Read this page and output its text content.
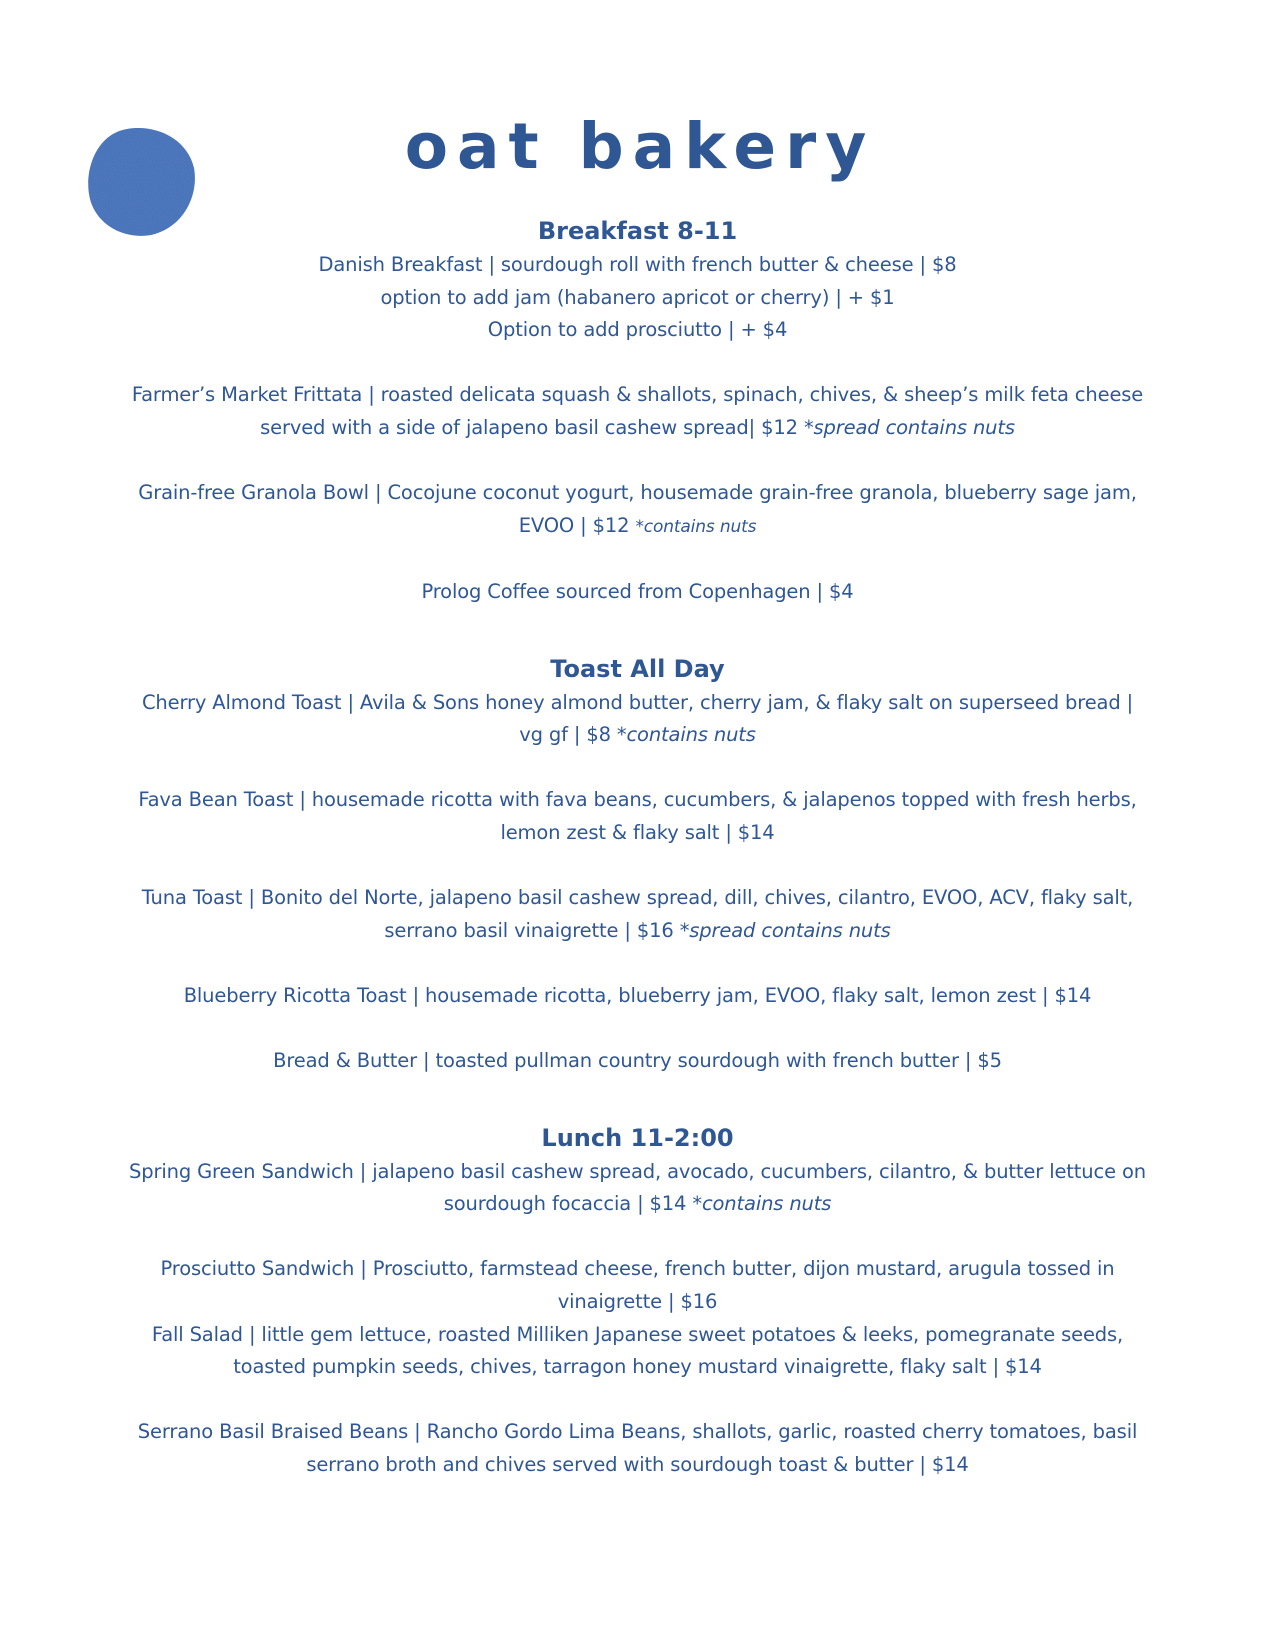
oat bakery
Breakfast 8-11

Danish Breakfast | sourdough roll with french butter & cheese | $8

option to add jam (habanero apricot or cherry) | + $1

Option to add prosciutto | + $4

Farmer’s Market Frittata | roasted delicata squash & shallots, spinach, chives, & sheep’s milk feta cheese

served with a side of jalapeno basil cashew spread| $12 *spread contains nuts

Grain-free Granola Bowl | Cocojune coconut yogurt, housemade grain-free granola, blueberry sage jam,

EVOO | $12 *contains nuts

Prolog Coffee sourced from Copenhagen | $4

Toast All Day

Cherry Almond Toast | Avila & Sons honey almond butter, cherry jam, & flaky salt on superseed bread |

vg gf | $8 *contains nuts

Fava Bean Toast | housemade ricotta with fava beans, cucumbers, & jalapenos topped with fresh herbs,

lemon zest & flaky salt | $14

Tuna Toast | Bonito del Norte, jalapeno basil cashew spread, dill, chives, cilantro, EVOO, ACV, flaky salt,

serrano basil vinaigrette | $16 *spread contains nuts

Blueberry Ricotta Toast | housemade ricotta, blueberry jam, EVOO, flaky salt, lemon zest | $14

Bread & Butter | toasted pullman country sourdough with french butter | $5

Lunch 11-2:00

Spring Green Sandwich | jalapeno basil cashew spread, avocado, cucumbers, cilantro, & butter lettuce on

sourdough focaccia | $14 *contains nuts

Prosciutto Sandwich | Prosciutto, farmstead cheese, french butter, dijon mustard, arugula tossed in

vinaigrette | $16

Fall Salad | little gem lettuce, roasted Milliken Japanese sweet potatoes & leeks, pomegranate seeds,

toasted pumpkin seeds, chives, tarragon honey mustard vinaigrette, flaky salt | $14

Serrano Basil Braised Beans | Rancho Gordo Lima Beans, shallots, garlic, roasted cherry tomatoes, basil

serrano broth and chives served with sourdough toast & butter | $14
